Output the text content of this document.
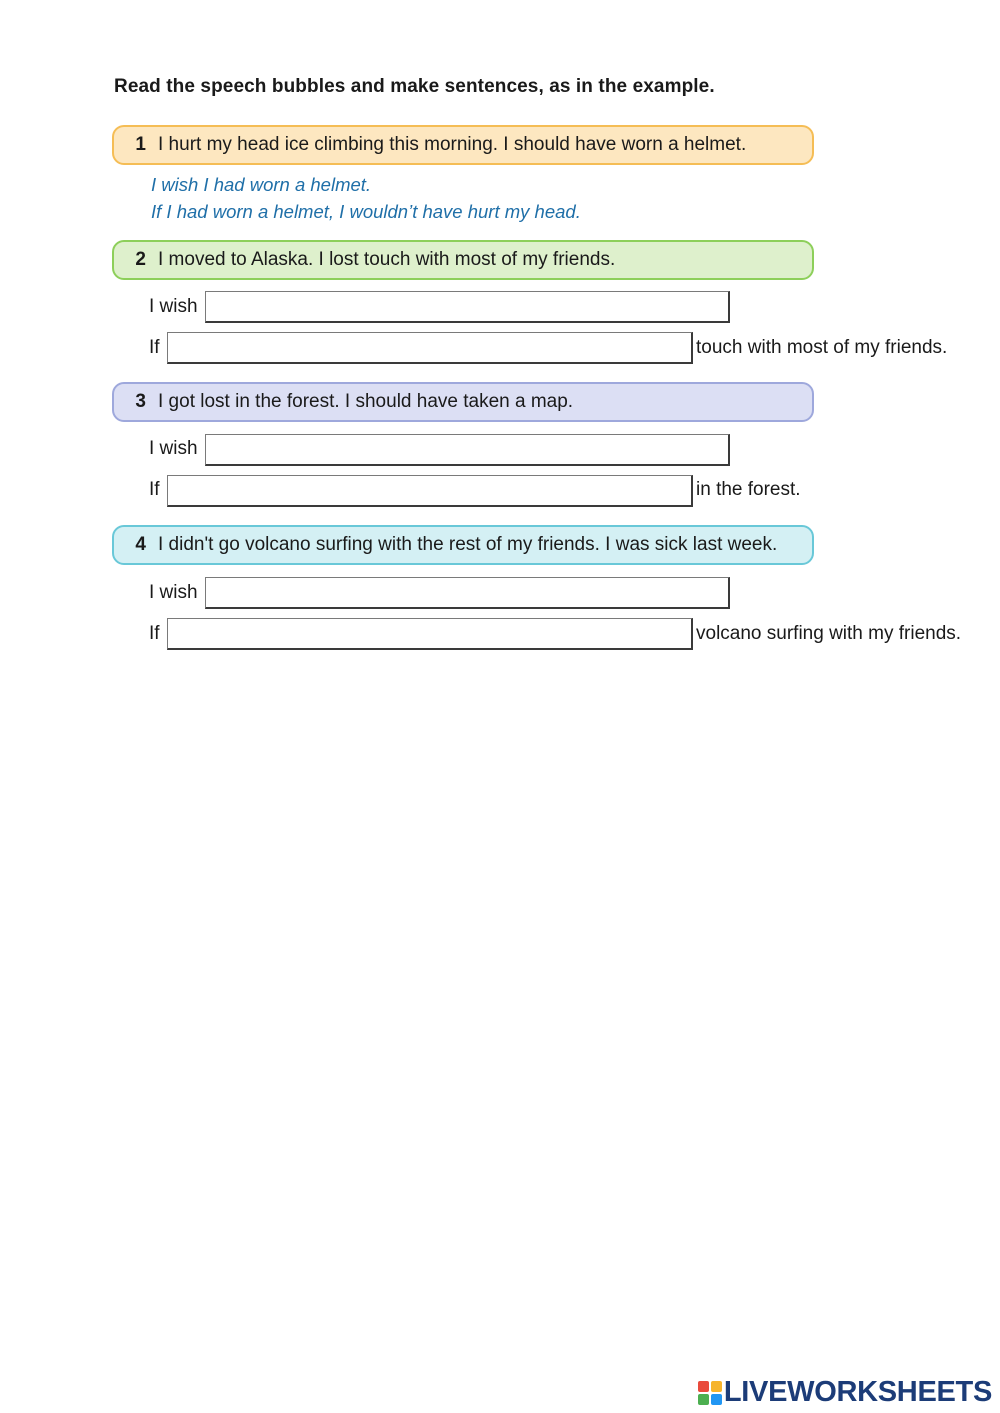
Read the speech bubbles and make sentences, as in the example.
1 I hurt my head ice climbing this morning. I should have worn a helmet.
I wish I had worn a helmet.
If I had worn a helmet, I wouldn’t have hurt my head.
2 I moved to Alaska. I lost touch with most of my friends.
I wish
If	touch with most of my friends.
3 I got lost in the forest. I should have taken a map.
I wish
If	in the forest.
4 I didn't go volcano surfing with the rest of my friends. I was sick last week.
I wish
If	volcano surfing with my friends.
LIVEWORKSHEETS
